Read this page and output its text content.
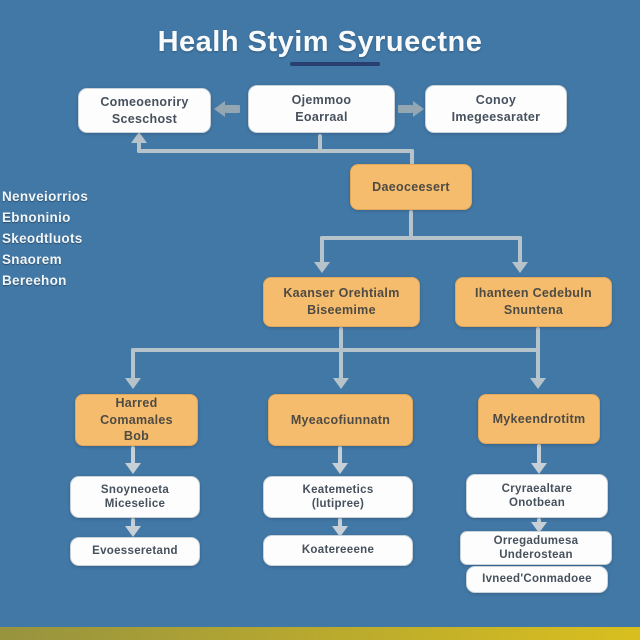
Healh Styim Syruectne
Nenveiorrios
Ebnoninio
Skeodtluots
Snaorem
Bereehon
Comeoenoriry
Sceschost
Ojemmoo
Eoarraal
Conoy
Imegeesarater
Daeoceesert
Kaanser Orehtialm
Biseemime
Ihanteen Cedebuln
Snuntena
Harred Comamales
Bob
Myeacofiunnatn	Mykeendrotitm
Snoyneoeta
Miceselice
Keatemetics
(lutipree)
Cryraealtare
Onotbean
Evoesseretand	Koatereeene
Orregadumesa
Underostean
Ivneed'Conmadoee
